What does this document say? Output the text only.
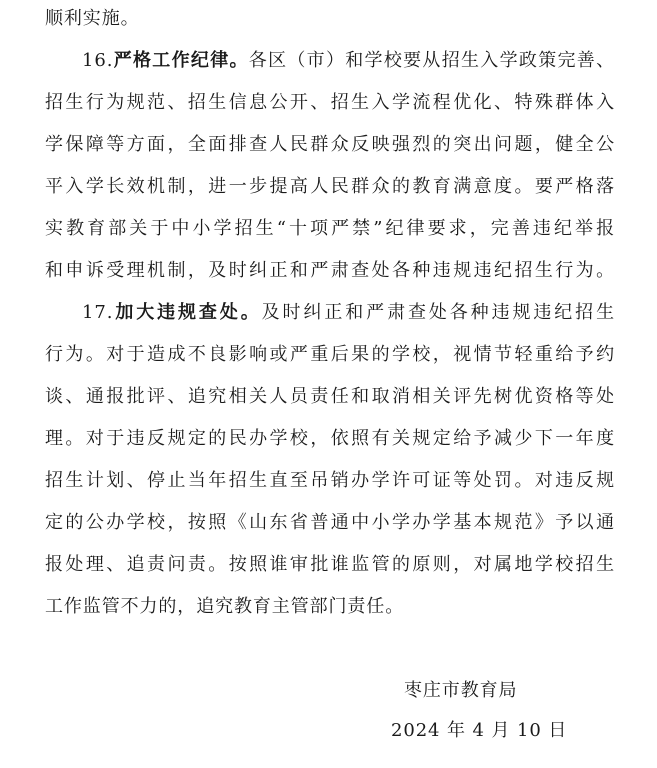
顺利实施。
16.严格工作纪律。各区（市）和学校要从招生入学政策完善、
招生行为规范、招生信息公开、招生入学流程优化、特殊群体入
学保障等方面，全面排查人民群众反映强烈的突出问题，健全公
平入学长效机制，进一步提高人民群众的教育满意度。要严格落
实教育部关于中小学招生“十项严禁”纪律要求，完善违纪举报
和申诉受理机制，及时纠正和严肃查处各种违规违纪招生行为。
17.加大违规查处。及时纠正和严肃查处各种违规违纪招生
行为。对于造成不良影响或严重后果的学校，视情节轻重给予约
谈、通报批评、追究相关人员责任和取消相关评先树优资格等处
理。对于违反规定的民办学校，依照有关规定给予减少下一年度
招生计划、停止当年招生直至吊销办学许可证等处罚。对违反规
定的公办学校，按照《山东省普通中小学办学基本规范》予以通
报处理、追责问责。按照谁审批谁监管的原则，对属地学校招生
工作监管不力的，追究教育主管部门责任。
枣庄市教育局
2024 年 4 月 10 日
